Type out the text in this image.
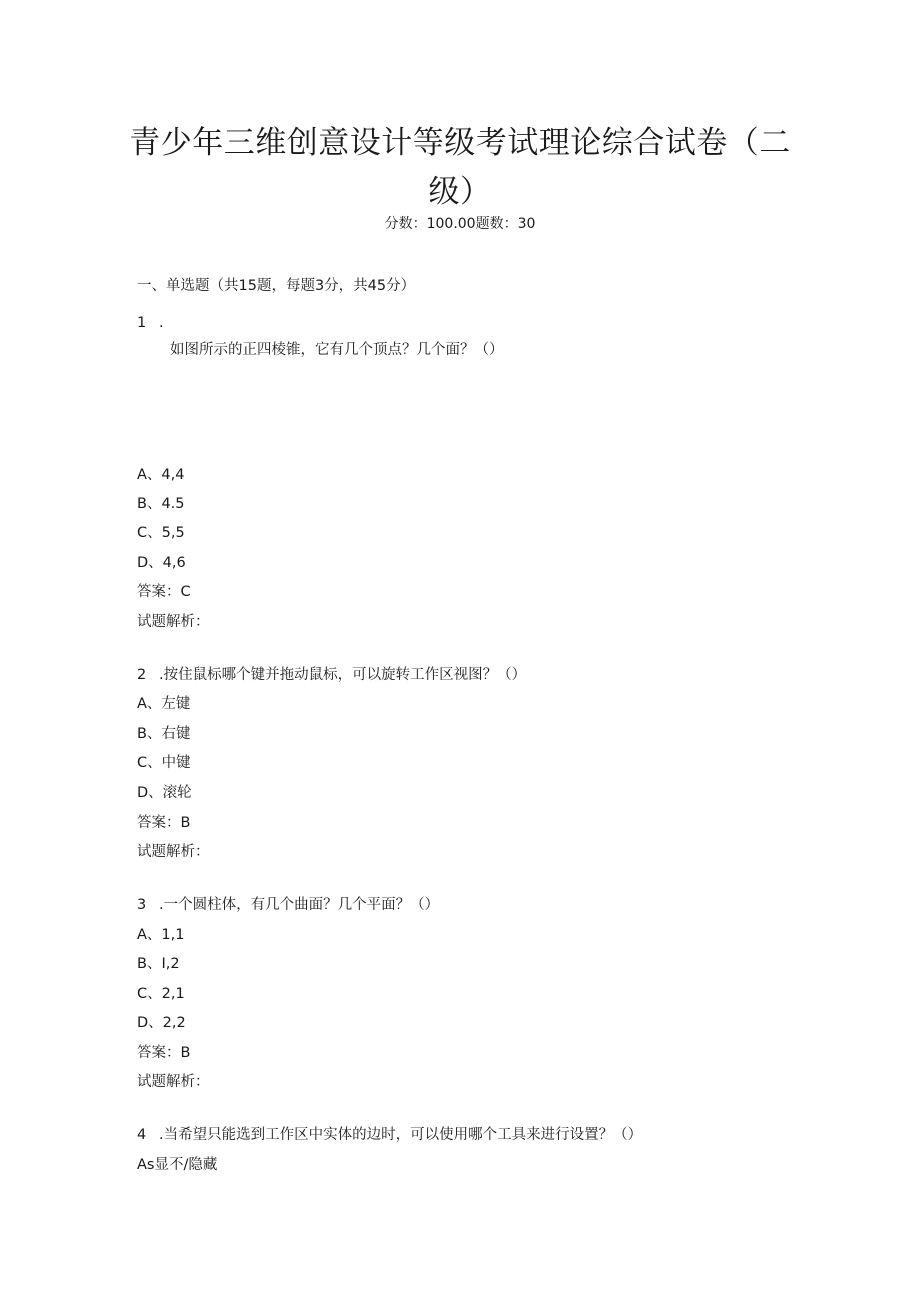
青少年三维创意设计等级考试理论综合试卷（二
级）
分数：100.00题数：30
一、单选题（共15题，每题3分，共45分）
1 .
如图所示的正四棱锥，它有几个顶点？几个面？（）
A、4,4
B、4.5
C、5,5
D、4,6
答案：C
试题解析：
2 .按住鼠标哪个键并拖动鼠标，可以旋转工作区视图？（）
A、左键
B、右键
C、中键
D、滚轮
答案：B
试题解析：
3 .一个圆柱体，有几个曲面？几个平面？（）
A、1,1
B、I,2
C、2,1
D、2,2
答案：B
试题解析：
4 .当希望只能选到工作区中实体的边时，可以使用哪个工具来进行设置？（）
As显不/隐藏
